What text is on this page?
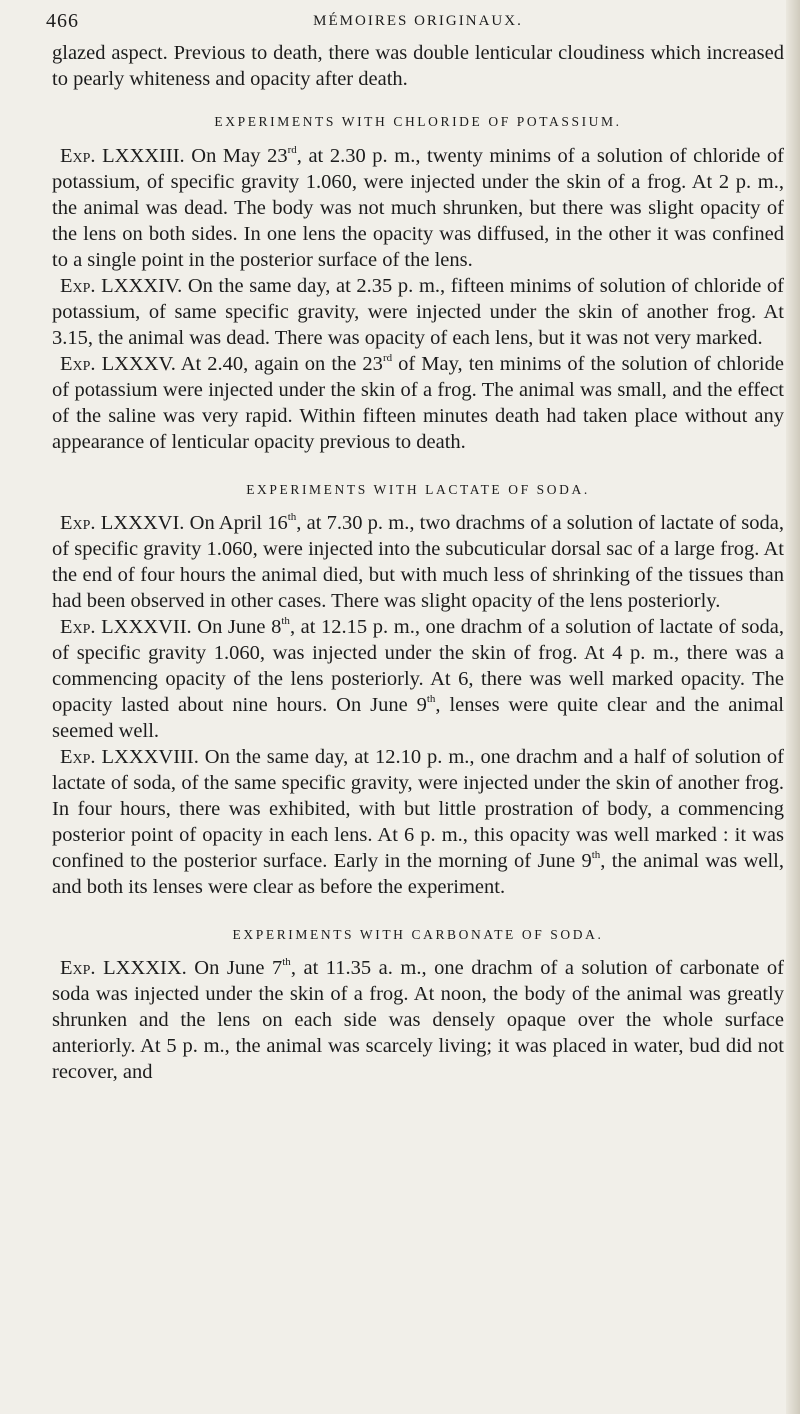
466	MÉMOIRES ORIGINAUX.

glazed aspect. Previous to death, there was double lenticular cloudiness which increased to pearly whiteness and opacity after death.

EXPERIMENTS WITH CHLORIDE OF POTASSIUM.

Exp. LXXXIII. On May 23rd, at 2.30 p. m., twenty minims of a solution of chloride of potassium, of specific gravity 1.060, were injected under the skin of a frog. At 2 p. m., the animal was dead. The body was not much shrunken, but there was slight opacity of the lens on both sides. In one lens the opacity was diffused, in the other it was confined to a single point in the posterior surface of the lens.

Exp. LXXXIV. On the same day, at 2.35 p. m., fifteen minims of solution of chloride of potassium, of same specific gravity, were injected under the skin of another frog. At 3.15, the animal was dead. There was opacity of each lens, but it was not very marked.

Exp. LXXXV. At 2.40, again on the 23rd of May, ten minims of the solution of chloride of potassium were injected under the skin of a frog. The animal was small, and the effect of the saline was very rapid. Within fifteen minutes death had taken place without any appearance of lenticular opacity previous to death.

EXPERIMENTS WITH LACTATE OF SODA.

Exp. LXXXVI. On April 16th, at 7.30 p. m., two drachms of a solution of lactate of soda, of specific gravity 1.060, were injected into the subcuticular dorsal sac of a large frog. At the end of four hours the animal died, but with much less of shrinking of the tissues than had been observed in other cases. There was slight opacity of the lens posteriorly.

Exp. LXXXVII. On June 8th, at 12.15 p. m., one drachm of a solution of lactate of soda, of specific gravity 1.060, was injected under the skin of frog. At 4 p. m., there was a commencing opacity of the lens posteriorly. At 6, there was well marked opacity. The opacity lasted about nine hours. On June 9th, lenses were quite clear and the animal seemed well.

Exp. LXXXVIII. On the same day, at 12.10 p. m., one drachm and a half of solution of lactate of soda, of the same specific gravity, were injected under the skin of another frog. In four hours, there was exhibited, with but little prostration of body, a commencing posterior point of opacity in each lens. At 6 p. m., this opacity was well marked : it was confined to the posterior surface. Early in the morning of June 9th, the animal was well, and both its lenses were clear as before the experiment.

EXPERIMENTS WITH CARBONATE OF SODA.

Exp. LXXXIX. On June 7th, at 11.35 a. m., one drachm of a solution of carbonate of soda was injected under the skin of a frog. At noon, the body of the animal was greatly shrunken and the lens on each side was densely opaque over the whole surface anteriorly. At 5 p. m., the animal was scarcely living; it was placed in water, bud did not recover, and
